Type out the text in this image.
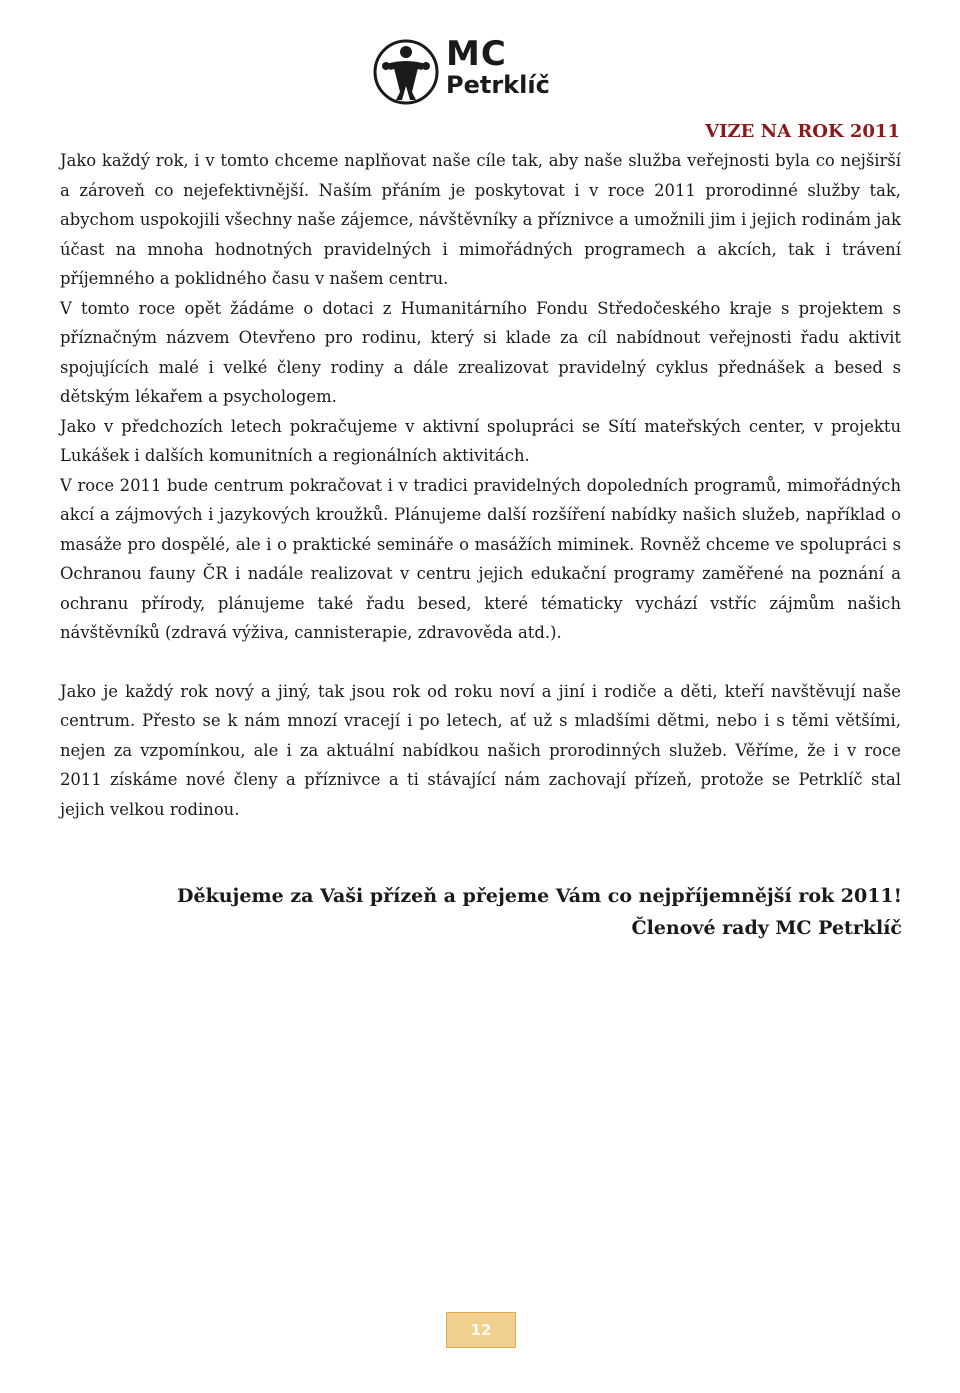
MC
Petrklíč
VIZE NA ROK 2011

Jako každý rok, i v tomto chceme naplňovat naše cíle tak, aby naše služba veřejnosti byla co nejširší a zároveň co nejefektivnější. Naším přáním je poskytovat i v roce 2011 prorodinné služby tak, abychom uspokojili všechny naše zájemce, návštěvníky a příznivce a umožnili jim i jejich rodinám jak účast na mnoha hodnotných pravidelných i mimořádných programech a akcích, tak i trávení příjemného a poklidného času v našem centru.

V tomto roce opět žádáme o dotaci z Humanitárního Fondu Středočeského kraje s projektem s příznačným názvem Otevřeno pro rodinu, který si klade za cíl nabídnout veřejnosti řadu aktivit spojujících malé i velké členy rodiny a dále zrealizovat pravidelný cyklus přednášek a besed s dětským lékařem a psychologem.

Jako v předchozích letech pokračujeme v aktivní spolupráci se Sítí mateřských center, v projektu Lukášek i dalších komunitních a regionálních aktivitách.

V roce 2011 bude centrum pokračovat i v tradici pravidelných dopoledních programů, mimořádných akcí a zájmových i jazykových kroužků. Plánujeme další rozšíření nabídky našich služeb, například o masáže pro dospělé, ale i o praktické semináře o masážích miminek. Rovněž chceme ve spolupráci s Ochranou fauny ČR i nadále realizovat v centru jejich edukační programy zaměřené na poznání a ochranu přírody, plánujeme také řadu besed, které tématicky vychází vstříc zájmům našich návštěvníků (zdravá výživa, cannisterapie, zdravověda atd.).

Jako je každý rok nový a jiný, tak jsou rok od roku noví a jiní i rodiče a děti, kteří navštěvují naše centrum. Přesto se k nám mnozí vracejí i po letech, ať už s mladšími dětmi, nebo i s těmi většími, nejen za vzpomínkou, ale i za aktuální nabídkou našich prorodinných služeb. Věříme, že i v roce 2011 získáme nové členy a příznivce a ti stávající nám zachovají přízeň, protože se Petrklíč stal jejich velkou rodinou.

Děkujeme za Vaši přízeň a přejeme Vám co nejpříjemnější rok 2011!
Členové rady MC Petrklíč
12
